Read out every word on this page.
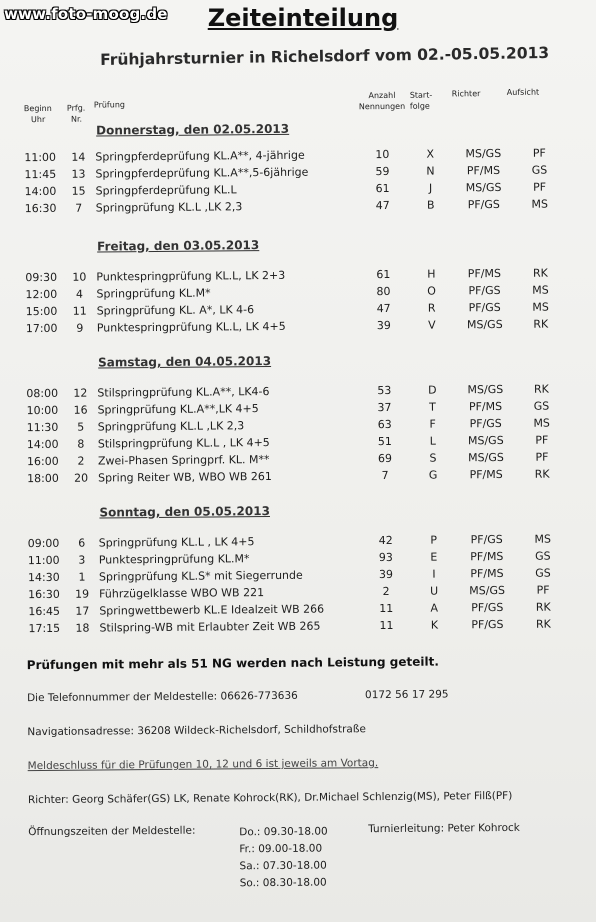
www.foto-moog.de	Zeiteinteilung
Frühjahrsturnier in Richelsdorf vom 02.-05.05.2013
Beginn
Uhr
Prfg.
Nr.
Prüfung
Anzahl
Nennungen
Start-
folge
Richter	Aufsicht
Donnerstag, den 02.05.2013
11:00 14 Springpferdeprüfung KL.A**, 4-jährige	10	X	MS/GS	PF
11:45 13 Springpferdeprüfung KL.A**,5-6jährige	59	N	PF/MS	GS
14:00 15 Springpferdeprüfung KL.L	61	J	MS/GS	PF
16:30	7	Springprüfung KL.L ,LK 2,3	47	B	PF/GS	MS
Freitag, den 03.05.2013
09:30 10 Punktespringprüfung KL.L, LK 2+3	61	H	PF/MS	RK
12:00	4	Springprüfung KL.M*	80	O	PF/GS	MS
15:00 11 Springprüfung KL. A*, LK 4-6	47	R	PF/GS	MS
17:00	9	Punktespringprüfung KL.L, LK 4+5	39	V	MS/GS	RK
Samstag, den 04.05.2013
08:00 12 Stilspringprüfung KL.A**, LK4-6	53	D	MS/GS	RK
10:00 16 Springprüfung KL.A**,LK 4+5	37	T	PF/MS	GS
11:30	5	Springprüfung KL.L ,LK 2,3	63	F	PF/GS	MS
14:00	8	Stilspringprüfung KL.L , LK 4+5	51	L	MS/GS	PF
16:00	2	Zwei-Phasen Springprf. KL. M**	69	S	MS/GS	PF
18:00 20 Spring Reiter WB, WBO WB 261	7	G	PF/MS	RK
Sonntag, den 05.05.2013
09:00	6	Springprüfung KL.L , LK 4+5	42	P	PF/GS	MS
11:00	3	Punktespringprüfung KL.M*	93	E	PF/MS	GS
14:30	1	Springprüfung KL.S* mit Siegerrunde	39	I	PF/MS	GS
16:30 19 Führzügelklasse WBO WB 221	2	U	MS/GS	PF
16:45 17 Springwettbewerb KL.E Idealzeit WB 266	11	A	PF/GS	RK
17:15 18 Stilspring-WB mit Erlaubter Zeit WB 265	11	K	PF/GS	RK
Prüfungen mit mehr als 51 NG werden nach Leistung geteilt.
Die Telefonnummer der Meldestelle: 06626-773636	0172 56 17 295
Navigationsadresse: 36208 Wildeck-Richelsdorf, Schildhofstraße
Meldeschluss für die Prüfungen 10, 12 und 6 ist jeweils am Vortag.
Richter: Georg Schäfer(GS) LK, Renate Kohrock(RK), Dr.Michael Schlenzig(MS), Peter Filß(PF)
Öffnungszeiten der Meldestelle:	Do.: 09.30-18.00
Fr.: 09.00-18.00
Sa.: 07.30-18.00
So.: 08.30-18.00
Turnierleitung: Peter Kohrock
